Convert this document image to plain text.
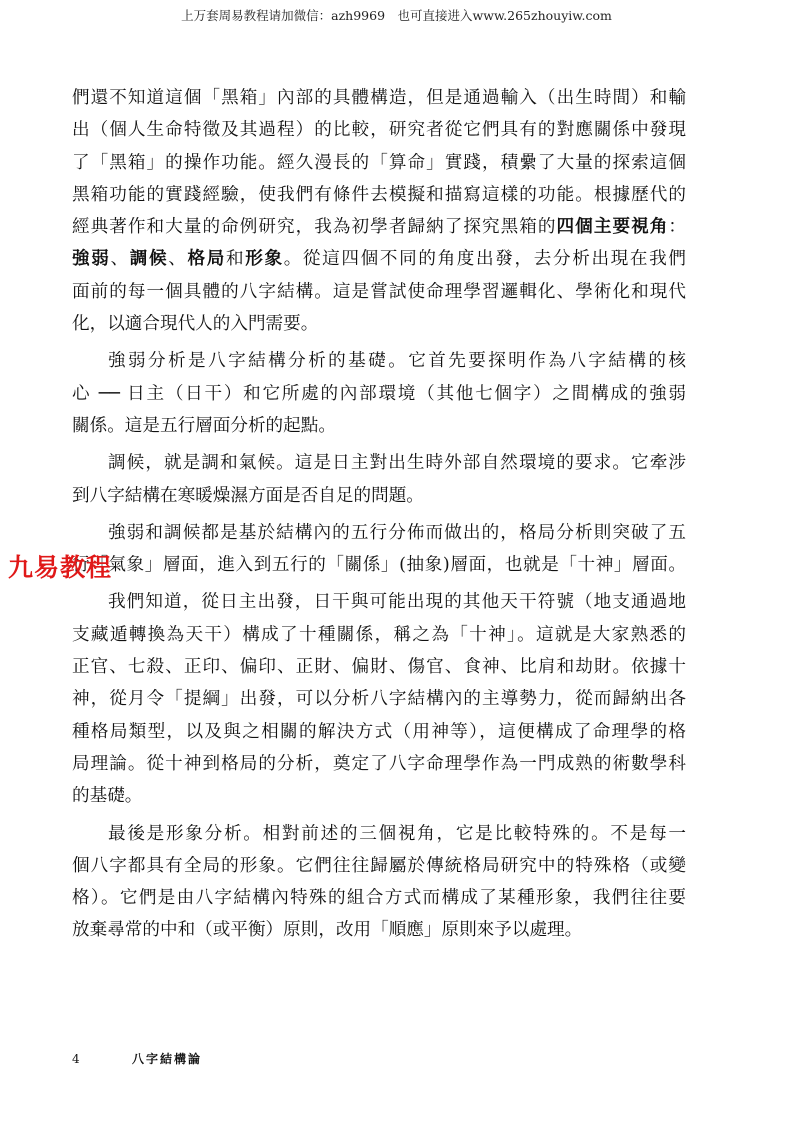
上万套周易教程请加微信：azh9969　也可直接进入www.265zhouyiw.com
們還不知道這個「黑箱」內部的具體構造，但是通過輸入（出生時間）和輸
出（個人生命特徵及其過程）的比較，研究者從它們具有的對應關係中發現
了「黑箱」的操作功能。經久漫長的「算命」實踐，積纍了大量的探索這個
黑箱功能的實踐經驗，使我們有條件去模擬和描寫這樣的功能。根據歷代的
經典著作和大量的命例研究，我為初學者歸納了探究黑箱的四個主要視角：
強弱、調候、格局和形象。從這四個不同的角度出發，去分析出現在我們
面前的每一個具體的八字結構。這是嘗試使命理學習邏輯化、學術化和現代
化，以適合現代人的入門需要。
強弱分析是八字結構分析的基礎。它首先要探明作為八字結構的核
心 ── 日主（日干）和它所處的內部環境（其他七個字）之間構成的強弱
關係。這是五行層面分析的起點。
調候，就是調和氣候。這是日主對出生時外部自然環境的要求。它牽涉
到八字結構在寒暖燥濕方面是否自足的問題。
強弱和調候都是基於結構內的五行分佈而做出的，格局分析則突破了五
行「氣象」層面，進入到五行的「關係」(抽象)層面，也就是「十神」層面。
我們知道，從日主出發，日干與可能出現的其他天干符號（地支通過地
支藏遁轉換為天干）構成了十種關係，稱之為「十神」。這就是大家熟悉的
正官、七殺、正印、偏印、正財、偏財、傷官、食神、比肩和劫財。依據十
神，從月令「提綱」出發，可以分析八字結構內的主導勢力，從而歸納出各
種格局類型，以及與之相關的解決方式（用神等），這便構成了命理學的格
局理論。從十神到格局的分析，奠定了八字命理學作為一門成熟的術數學科
的基礎。
最後是形象分析。相對前述的三個視角，它是比較特殊的。不是每一
個八字都具有全局的形象。它們往往歸屬於傳統格局研究中的特殊格（或變
格）。它們是由八字結構內特殊的組合方式而構成了某種形象，我們往往要
放棄尋常的中和（或平衡）原則，改用「順應」原則來予以處理。
九易教程
4	八字結構論
